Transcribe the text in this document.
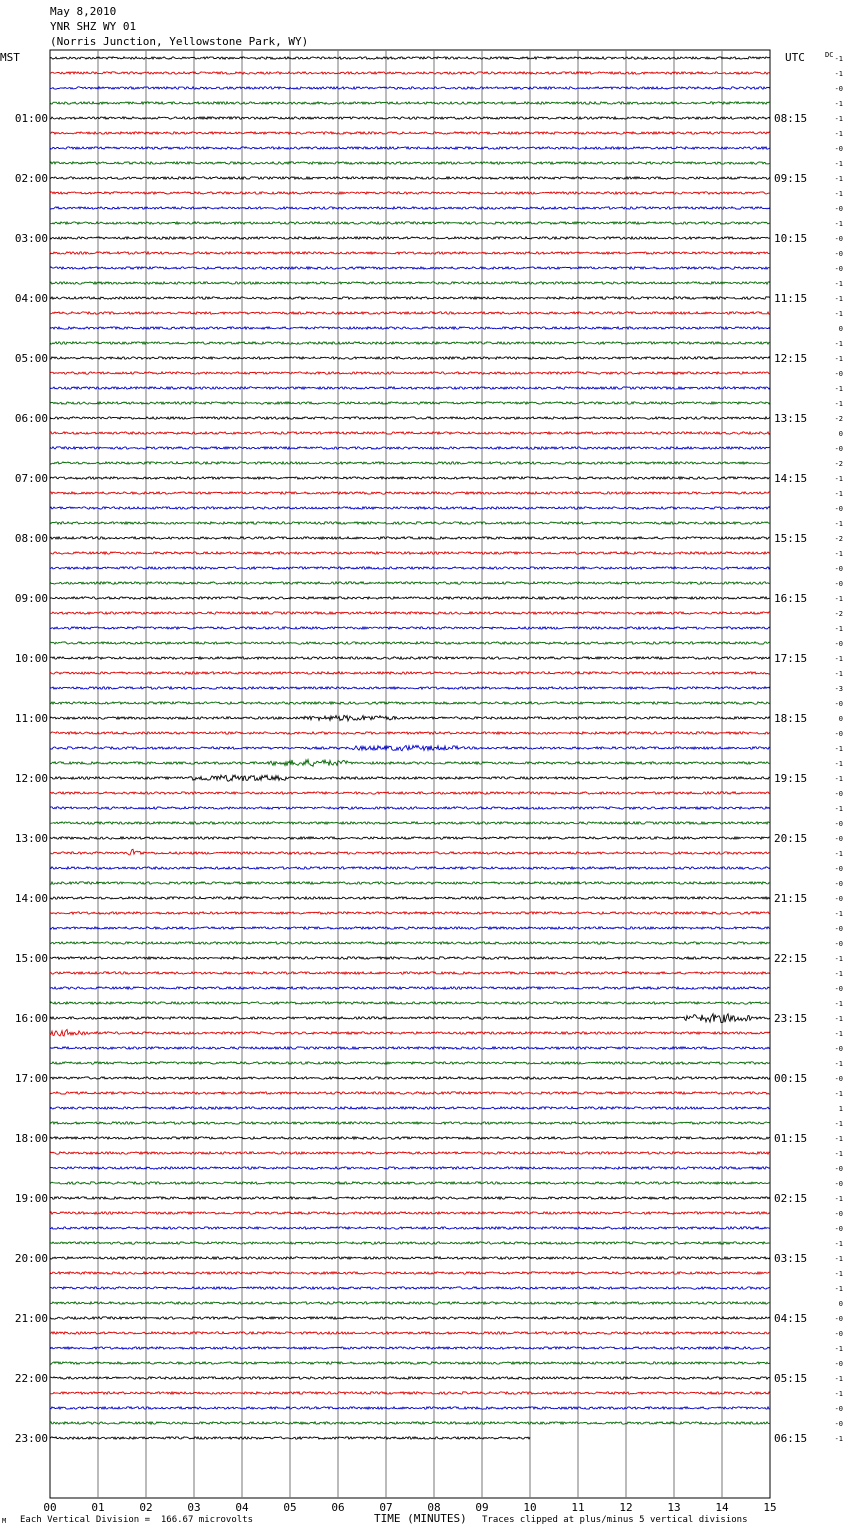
-1
-1
-0
-1
-1
-1
-0
-1
-1
-1
-0
-1
-0
-0
-0
-1
-1
-1
0
-1
-1
-0
-1
-1
-2
0
-0
-2
-1
-1
-0
-1
-2
-1
-0
-0
-1
-2
-1
-0
-1
-1
-3
-0
0
-0
-1
-1
-1
-0
-1
-0
-0
-1
-0
-0
-0
-1
-0
-0
-1
-1
-0
-1
-1
-1
-0
-1
-0
-1
1
-1
-1
-1
-0
-0
-1
-0
-0
-1
-1
-1
-1
0
-0
-0
-1
-0
-1
-1
-0
-0
-1
MST	UTC	DC
01:00
02:00
03:00
04:00
05:00
06:00
07:00
08:00
09:00
10:00
11:00
12:00
13:00
14:00
15:00
16:00
17:00
18:00
19:00
20:00
21:00
22:00
23:00
08:15
09:15
10:15
11:15
12:15
13:15
14:15
15:15
16:15
17:15
18:15
19:15
20:15
21:15
22:15
23:15
00:15
01:15
02:15
03:15
04:15
05:15
06:15
00	01	02	03	04	05	06	07	08	09	10	11	12	13	14	15
May 8,2010
YNR SHZ WY 01
(Norris Junction, Yellowstone Park, WY)
M Each Vertical Division =  166.67 microvolts	TIME (MINUTES) Traces clipped at plus/minus 5 vertical divisions
